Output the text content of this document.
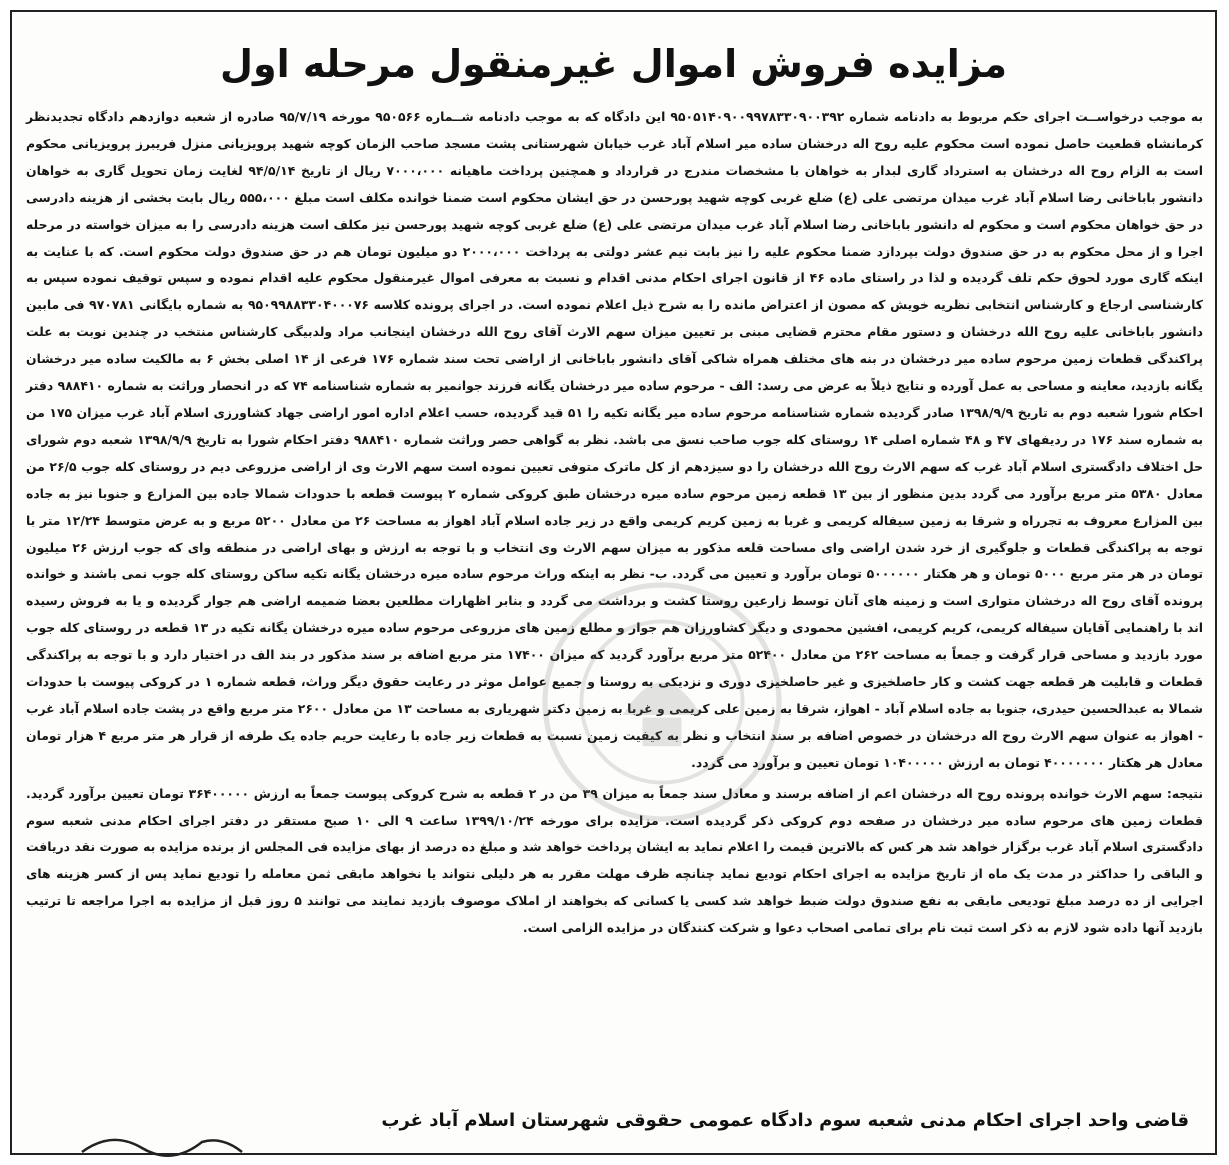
مزایده فروش اموال غیرمنقول مرحله اول

به موجب درخواســت اجرای حکم مربوط به دادنامه شماره ۹۵۰۵۱۴۰۹۰۰۹۹۷۸۳۳۰۹۰۰۳۹۲ این دادگاه که به موجب دادنامه شــماره ۹۵۰۵۶۶ مورخه ۹۵/۷/۱۹ صادره از شعبه دوازدهم دادگاه تجدیدنظر کرمانشاه قطعیت حاصل نموده است محکوم علیه روح اله درخشان ساده میر اسلام آباد غرب خیابان شهرستانی پشت مسجد صاحب الزمان کوچه شهید پرویزیانی منزل فریبرز پرویزیانی محکوم است به الزام روح اله درخشان به استرداد گاری لبدار به خواهان با مشخصات مندرج در قرارداد و همچنین پرداخت ماهیانه ۷۰۰۰،۰۰۰ ریال از تاریخ ۹۴/۵/۱۴ لغایت زمان تحویل گاری به خواهان دانشور باباخانی رضا اسلام آباد غرب میدان مرتضی علی (ع) ضلع غربی کوچه شهید پورحسن در حق ایشان محکوم است ضمنا خوانده مکلف است مبلغ ۵۵۵،۰۰۰ ریال بابت بخشی از هزینه دادرسی در حق خواهان محکوم است و محکوم له دانشور باباخانی رضا اسلام آباد غرب میدان مرتضی علی (ع) ضلع غربی کوچه شهید پورحسن نیز مکلف است هزینه دادرسی را به میزان خواسته در مرحله اجرا و از محل محکوم به در حق صندوق دولت بپردازد ضمنا محکوم علیه را نیز بابت نیم عشر دولتی به پرداخت ۲۰۰۰،۰۰۰ دو میلیون تومان هم در حق صندوق دولت محکوم است. که با عنایت به اینکه گاری مورد لحوق حکم تلف گردیده و لذا در راستای ماده ۴۶ از قانون اجرای احکام مدنی اقدام و نسبت به معرفی اموال غیرمنقول محکوم علیه اقدام نموده و سپس توقیف نموده سپس به کارشناسی ارجاع و کارشناس انتخابی نظریه خویش که مصون از اعتراض مانده را به شرح ذیل اعلام نموده است. در اجرای پرونده کلاسه ۹۵۰۹۹۸۸۳۳۰۴۰۰۰۷۶ به شماره بایگانی ۹۷۰۷۸۱ فی مابین دانشور باباخانی علیه روح الله درخشان و دستور مقام محترم قضایی مبنی بر تعیین میزان سهم الارث آقای روح الله درخشان اینجانب مراد ولدبیگی کارشناس منتخب در چندین نوبت به علت پراکندگی قطعات زمین مرحوم ساده میر درخشان در بنه های مختلف همراه شاکی آقای دانشور باباخانی از اراضی تحت سند شماره ۱۷۶ فرعی از ۱۴ اصلی بخش ۶ به مالکیت ساده میر درخشان یگانه بازدید، معاینه و مساحی به عمل آورده و نتایج ذیلاً به عرض می رسد: الف - مرحوم ساده میر درخشان یگانه فرزند جوانمیر به شماره شناسنامه ۷۴ که در انحصار وراثت به شماره ۹۸۸۴۱۰ دفتر احکام شورا شعبه دوم به تاریخ ۱۳۹۸/۹/۹ صادر گردیده شماره شناسنامه مرحوم ساده میر یگانه تکیه را ۵۱ قید گردیده، حسب اعلام اداره امور اراضی جهاد کشاورزی اسلام آباد غرب میزان ۱۷۵ من به شماره سند ۱۷۶ در ردیفهای ۴۷ و ۴۸ شماره اصلی ۱۴ روستای کله جوب صاحب نسق می باشد. نظر به گواهی حصر وراثت شماره ۹۸۸۴۱۰ دفتر احکام شورا به تاریخ ۱۳۹۸/۹/۹ شعبه دوم شورای حل اختلاف دادگستری اسلام آباد غرب که سهم الارث روح الله درخشان را دو سیزدهم از کل ماترک متوفی تعیین نموده است سهم الارث وی از اراضی مزروعی دیم در روستای کله جوب ۲۶/۵ من معادل ۵۳۸۰ متر مربع برآورد می گردد بدین منظور از بین ۱۳ قطعه زمین مرحوم ساده میره درخشان طبق کروکی شماره ۲ پیوست قطعه با حدودات شمالا جاده بین المزارع و جنوبا نیز به جاده بین المزارع معروف به تجرراه و شرقا به زمین سیفاله کریمی و غربا به زمین کریم کریمی واقع در زیر جاده اسلام آباد اهواز به مساحت ۲۶ من معادل ۵۲۰۰ مربع و به عرض متوسط ۱۲/۲۴ متر با توجه به پراکندگی قطعات و جلوگیری از خرد شدن اراضی وای مساحت قلعه مذکور به میزان سهم الارث وی انتخاب و با توجه به ارزش و بهای اراضی در منطقه وای که جوب ارزش ۲۶ میلیون تومان در هر متر مربع ۵۰۰۰ تومان و هر هکتار ۵۰۰۰۰۰۰ تومان برآورد و تعیین می گردد. ب- نظر به اینکه وراث مرحوم ساده میره درخشان یگانه تکیه ساکن روستای کله جوب نمی باشند و خوانده پرونده آقای روح اله درخشان متواری است و زمینه های آنان توسط زارعین روستا کشت و برداشت می گردد و بنابر اظهارات مطلعین بعضا ضمیمه اراضی هم جوار گردیده و یا به فروش رسیده اند با راهنمایی آقایان سیفاله کریمی، کریم کریمی، افشین محمودی و دیگر کشاورزان هم جوار و مطلع زمین های مزروعی مرحوم ساده میره درخشان یگانه تکیه در ۱۳ قطعه در روستای کله جوب مورد بازدید و مساحی قرار گرفت و جمعاً به مساحت ۲۶۲ من معادل ۵۲۴۰۰ متر مربع برآورد گردید که میزان ۱۷۴۰۰ متر مربع اضافه بر سند مذکور در بند الف در اختیار دارد و با توجه به پراکندگی قطعات و قابلیت هر قطعه جهت کشت و کار حاصلخیزی و غیر حاصلخیزی دوری و نزدیکی به روستا و جمیع عوامل موثر در رعایت حقوق دیگر وراث، قطعه شماره ۱ در کروکی پیوست با حدودات شمالا به عبدالحسین حیدری، جنوبا به جاده اسلام آباد - اهواز، شرقا به زمین علی کریمی و غربا به زمین دکتر شهریاری به مساحت ۱۳ من معادل ۲۶۰۰ متر مربع واقع در پشت جاده اسلام آباد غرب - اهواز به عنوان سهم الارث روح اله درخشان در خصوص اضافه بر سند انتخاب و نظر به کیفیت زمین نسبت به قطعات زیر جاده با رعایت حریم جاده یک طرفه از قرار هر متر مربع ۴ هزار تومان معادل هر هکتار ۴۰۰۰۰۰۰۰ تومان به ارزش ۱۰۴۰۰۰۰۰ تومان تعیین و برآورد می گردد.

نتیجه: سهم الارث خوانده پرونده روح اله درخشان اعم از اضافه برسند و معادل سند جمعاً به میزان ۳۹ من در ۲ قطعه به شرح کروکی پیوست جمعاً به ارزش ۳۶۴۰۰۰۰۰ تومان تعیین برآورد گردید. قطعات زمین های مرحوم ساده میر درخشان در صفحه دوم کروکی ذکر گردیده است. مزایده برای مورخه ۱۳۹۹/۱۰/۲۴ ساعت ۹ الی ۱۰ صبح مستقر در دفتر اجرای احکام مدنی شعبه سوم دادگستری اسلام آباد غرب برگزار خواهد شد هر کس که بالاترین قیمت را اعلام نماید به ایشان پرداخت خواهد شد و مبلغ ده درصد از بهای مزایده فی المجلس از برنده مزایده به صورت نقد دریافت و الباقی را حداکثر در مدت یک ماه از تاریخ مزایده به اجرای احکام تودیع نماید چنانچه ظرف مهلت مقرر به هر دلیلی نتواند یا نخواهد مابقی ثمن معامله را تودیع نماید پس از کسر هزینه های اجرایی از ده درصد مبلغ تودیعی مابقی به نفع صندوق دولت ضبط خواهد شد کسی یا کسانی که بخواهند از املاک موصوف بازدید نمایند می توانند ۵ روز قبل از مزایده به اجرا مراجعه تا ترتیب بازدید آنها داده شود لازم به ذکر است ثبت نام برای تمامی اصحاب دعوا و شرکت کنندگان در مزایده الزامی است.

قاضی واحد اجرای احکام مدنی شعبه سوم دادگاه عمومی حقوقی شهرستان اسلام آباد غرب
